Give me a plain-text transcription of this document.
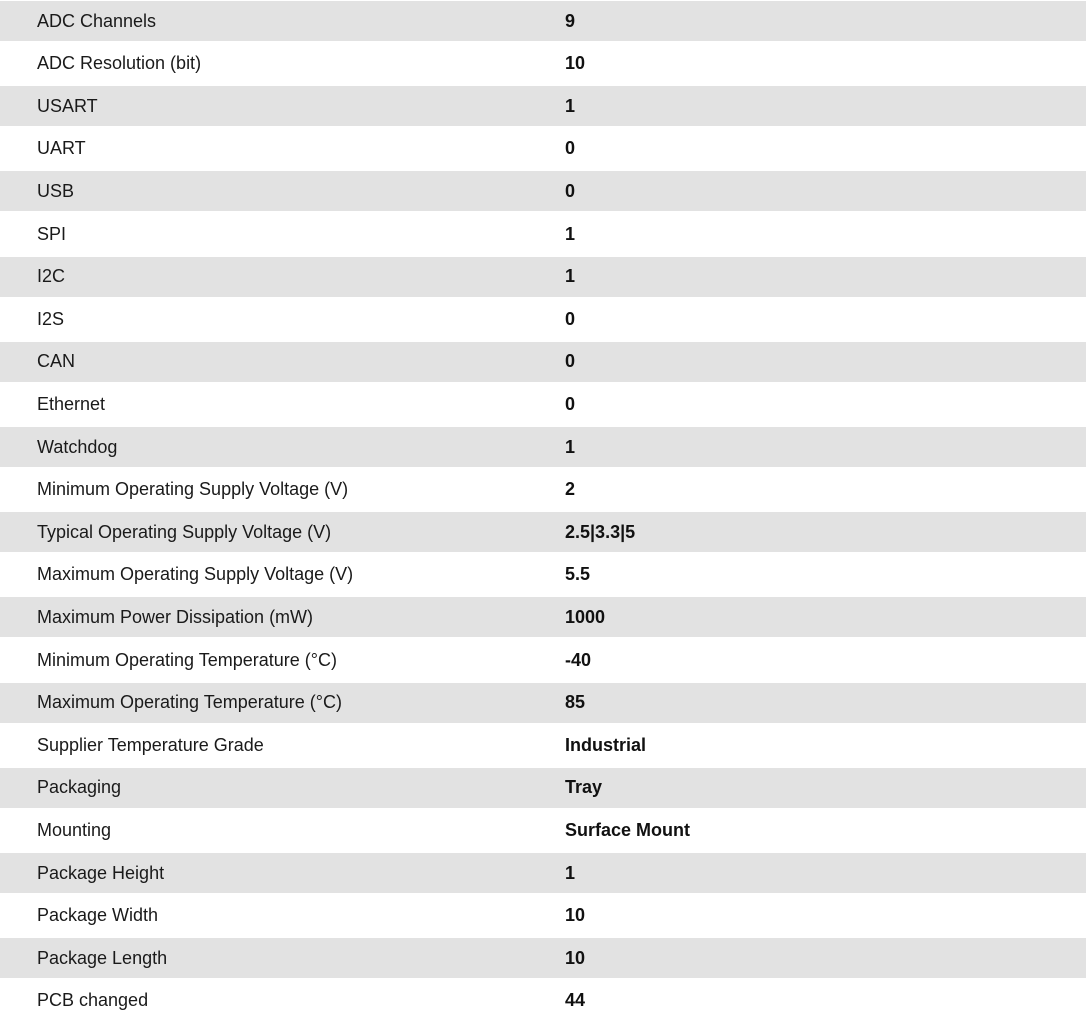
ADC Channels	9
ADC Resolution (bit)	10
USART	1
UART	0
USB	0
SPI	1
I2C	1
I2S	0
CAN	0
Ethernet	0
Watchdog	1
Minimum Operating Supply Voltage (V)	2
Typical Operating Supply Voltage (V)	2.5|3.3|5
Maximum Operating Supply Voltage (V)	5.5
Maximum Power Dissipation (mW)	1000
Minimum Operating Temperature (°C)	-40
Maximum Operating Temperature (°C)	85
Supplier Temperature Grade	Industrial
Packaging	Tray
Mounting	Surface Mount
Package Height	1
Package Width	10
Package Length	10
PCB changed	44
